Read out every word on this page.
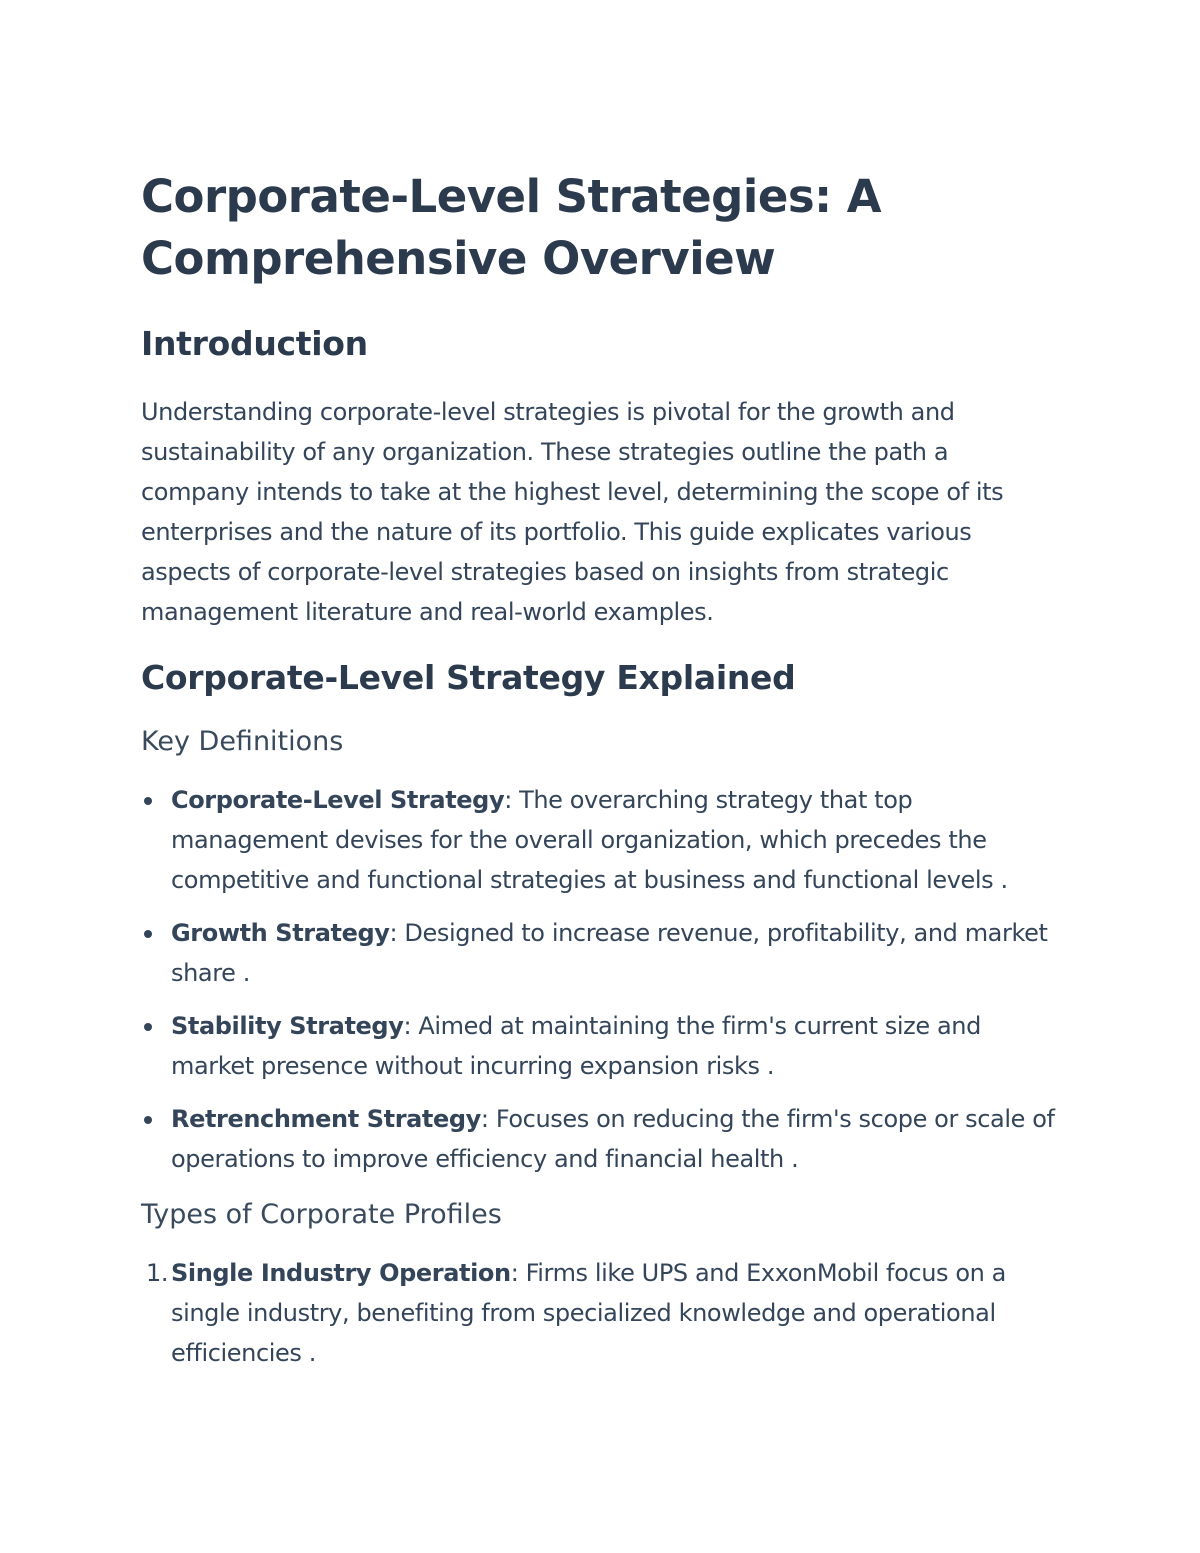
Corporate-Level Strategies: A Comprehensive Overview
Introduction

Understanding corporate-level strategies is pivotal for the growth and sustainability of any organization. These strategies outline the path a company intends to take at the highest level, determining the scope of its enterprises and the nature of its portfolio. This guide explicates various aspects of corporate-level strategies based on insights from strategic management literature and real-world examples.

Corporate-Level Strategy Explained
Key Definitions
Corporate-Level Strategy: The overarching strategy that top management devises for the overall organization, which precedes the competitive and functional strategies at business and functional levels .
Growth Strategy: Designed to increase revenue, profitability, and market share .
Stability Strategy: Aimed at maintaining the firm's current size and market presence without incurring expansion risks .
Retrenchment Strategy: Focuses on reducing the firm's scope or scale of operations to improve efficiency and financial health .
Types of Corporate Profiles
1. Single Industry Operation: Firms like UPS and ExxonMobil focus on a single industry, benefiting from specialized knowledge and operational efficiencies .
